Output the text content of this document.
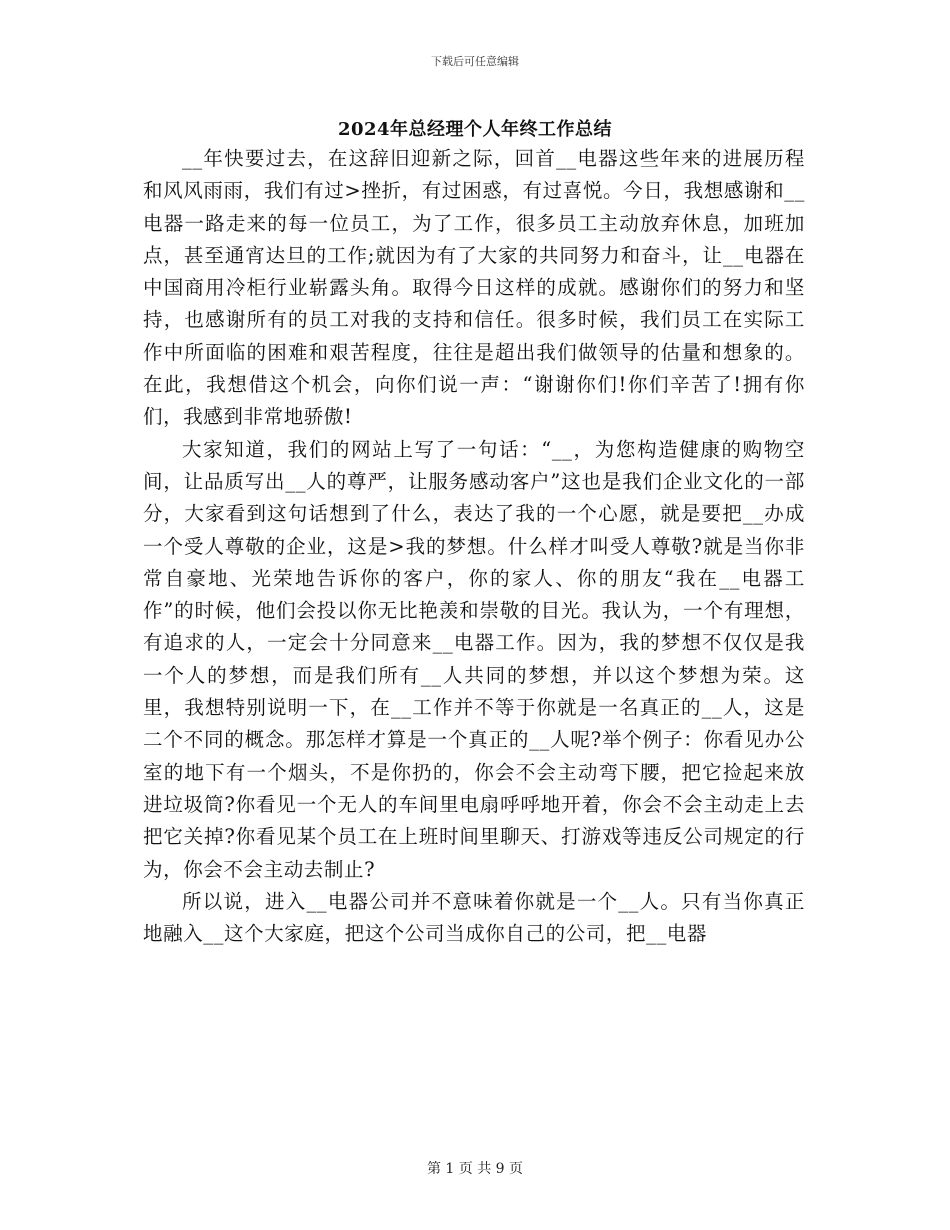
下载后可任意编辑
2024年总经理个人年终工作总结

__年快要过去，在这辞旧迎新之际，回首__电器这些年来的进展历程和风风雨雨，我们有过>挫折，有过困惑，有过喜悦。今日，我想感谢和__电器一路走来的每一位员工，为了工作，很多员工主动放弃休息，加班加点，甚至通宵达旦的工作;就因为有了大家的共同努力和奋斗，让__电器在中国商用冷柜行业崭露头角。取得今日这样的成就。感谢你们的努力和坚持，也感谢所有的员工对我的支持和信任。很多时候，我们员工在实际工作中所面临的困难和艰苦程度，往往是超出我们做领导的估量和想象的。在此，我想借这个机会，向你们说一声：“谢谢你们!你们辛苦了!拥有你们，我感到非常地骄傲!

大家知道，我们的网站上写了一句话：“__，为您构造健康的购物空间，让品质写出__人的尊严，让服务感动客户”这也是我们企业文化的一部分，大家看到这句话想到了什么，表达了我的一个心愿，就是要把__办成一个受人尊敬的企业，这是>我的梦想。什么样才叫受人尊敬?就是当你非常自豪地、光荣地告诉你的客户，你的家人、你的朋友“我在__电器工作”的时候，他们会投以你无比艳羡和崇敬的目光。我认为，一个有理想，有追求的人，一定会十分同意来__电器工作。因为，我的梦想不仅仅是我一个人的梦想，而是我们所有__人共同的梦想，并以这个梦想为荣。这里，我想特别说明一下，在__工作并不等于你就是一名真正的__人，这是二个不同的概念。那怎样才算是一个真正的__人呢?举个例子：你看见办公室的地下有一个烟头，不是你扔的，你会不会主动弯下腰，把它捡起来放进垃圾筒?你看见一个无人的车间里电扇呼呼地开着，你会不会主动走上去把它关掉?你看见某个员工在上班时间里聊天、打游戏等违反公司规定的行为，你会不会主动去制止?

所以说，进入__电器公司并不意味着你就是一个__人。只有当你真正地融入__这个大家庭，把这个公司当成你自己的公司，把__电器

第 1 页 共 9 页
